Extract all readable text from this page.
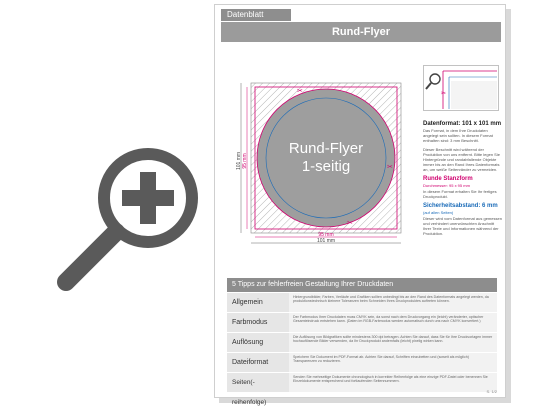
Datenblatt
Rund-Flyer
Rund-Flyer
1-seitig
✂
✂
✂
95 mm
101 mm
95 mm
101 mm
✂
Datenformat: 101 x 101 mm
Das Format, in dem Ihre Druckdaten angelegt sein sollten. In diesem Format enthalten sind: 3 mm Beschnitt.
Dieser Beschnitt wird während der Produktion von uns entfernt. Bitte legen Sie Hintergründe und randabfallende Objekte immer bis an den Rand Ihres Datenformats an, um weiße Seitenränder zu vermeiden.
Runde Stanzform
Durchmesser: 95 x 95 mm
In diesem Format erhalten Sie Ihr fertiges Druckprodukt.
Sicherheitsabstand: 6 mm
(auf allen Seiten)
Dieser wird vom Datenformat aus gemessen und verhindert unerwünschten Anschnitt Ihrer Texte und Informationen während der Produktion.
5 Tipps zur fehlerfreien Gestaltung Ihrer Druckdaten
Allgemein
Hintergrundbilder, Farben, Verläufe und Grafiken sollten unbedingt bis an den Rand des Datenformats angelegt werden, da produktionstechnisch kleinere Toleranzen beim Schneiden Ihres Druckproduktes auftreten können.
Farbmodus
Der Farbmodus Ihrer Druckdaten muss CMYK sein, da sonst nach dem Druckvorgang ein (leicht) veränderter, optischer Gesamteindruck entstehen kann. (Daten im RGB-Farbmodus werden automatisch durch uns nach CMYK konvertiert.)
Auflösung
Die Auflösung von Bildgrafiken sollte mindestens 300 dpi betragen. Achten Sie darauf, dass Sie für Ihre Druckvorlagen immer hochauflösende Bilder verwenden, da Ihr Druckprodukt andernfalls (leicht) pixelig wirken kann.
Dateiformat
Speichern Sie Dokument im PDF-Format ab. Achten Sie darauf, Schriften einzubetten und (soweit als möglich) Transparenzen zu reduzieren.
Seiten(-reihenfolge)
Senden Sie mehrseitige Dokumente chronologisch in korrekter Reihenfolge als eine einzige PDF-Datei oder benennen Sie Einzeldokumente entsprechend und fortlaufenden Seitennummern.
S. 1/2
